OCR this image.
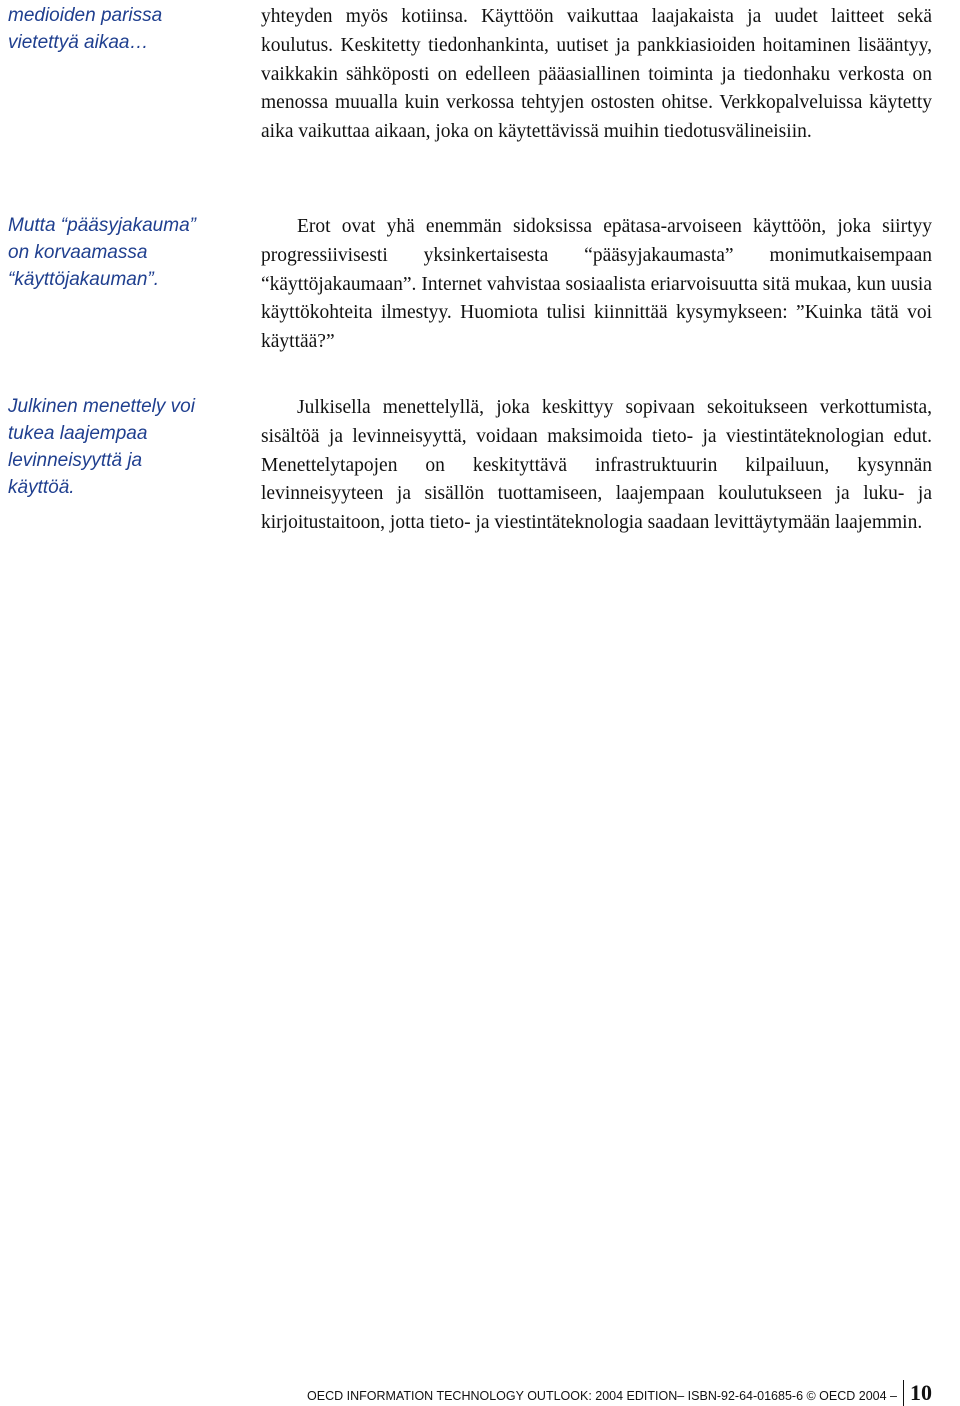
medioiden parissa vietettyä aikaa…

yhteyden myös kotiinsa. Käyttöön vaikuttaa laajakaista ja uudet laitteet sekä koulutus. Keskitetty tiedonhankinta, uutiset ja pankkiasioiden hoitaminen lisääntyy, vaikkakin sähköposti on edelleen pääasiallinen toiminta ja tiedonhaku verkosta on menossa muualla kuin verkossa tehtyjen ostosten ohitse. Verkkopalveluissa käytetty aika vaikuttaa aikaan, joka on käytettävissä muihin tiedotusvälineisiin.

Mutta “pääsyjakauma” on korvaamassa “käyttöjakauman”.

Erot ovat yhä enemmän sidoksissa epätasa-arvoiseen käyttöön, joka siirtyy progressiivisesti yksinkertaisesta “pääsyjakaumasta” monimutkaisempaan “käyttöjakaumaan”. Internet vahvistaa sosiaalista eriarvoisuutta sitä mukaa, kun uusia käyttökohteita ilmestyy. Huomiota tulisi kiinnittää kysymykseen: ”Kuinka tätä voi käyttää?”

Julkinen menettely voi tukea laajempaa levinneisyyttä ja käyttöä.

Julkisella menettelyllä, joka keskittyy sopivaan sekoitukseen verkottumista, sisältöä ja levinneisyyttä, voidaan maksimoida tieto- ja viestintäteknologian edut. Menettelytapojen on keskityttävä infrastruktuurin kilpailuun, kysynnän levinneisyyteen ja sisällön tuottamiseen, laajempaan koulutukseen ja luku- ja kirjoitustaitoon, jotta tieto- ja viestintäteknologia saadaan levittäytymään laajemmin.

OECD INFORMATION TECHNOLOGY OUTLOOK: 2004 EDITION– ISBN-92-64-01685-6 © OECD 2004 – 10
